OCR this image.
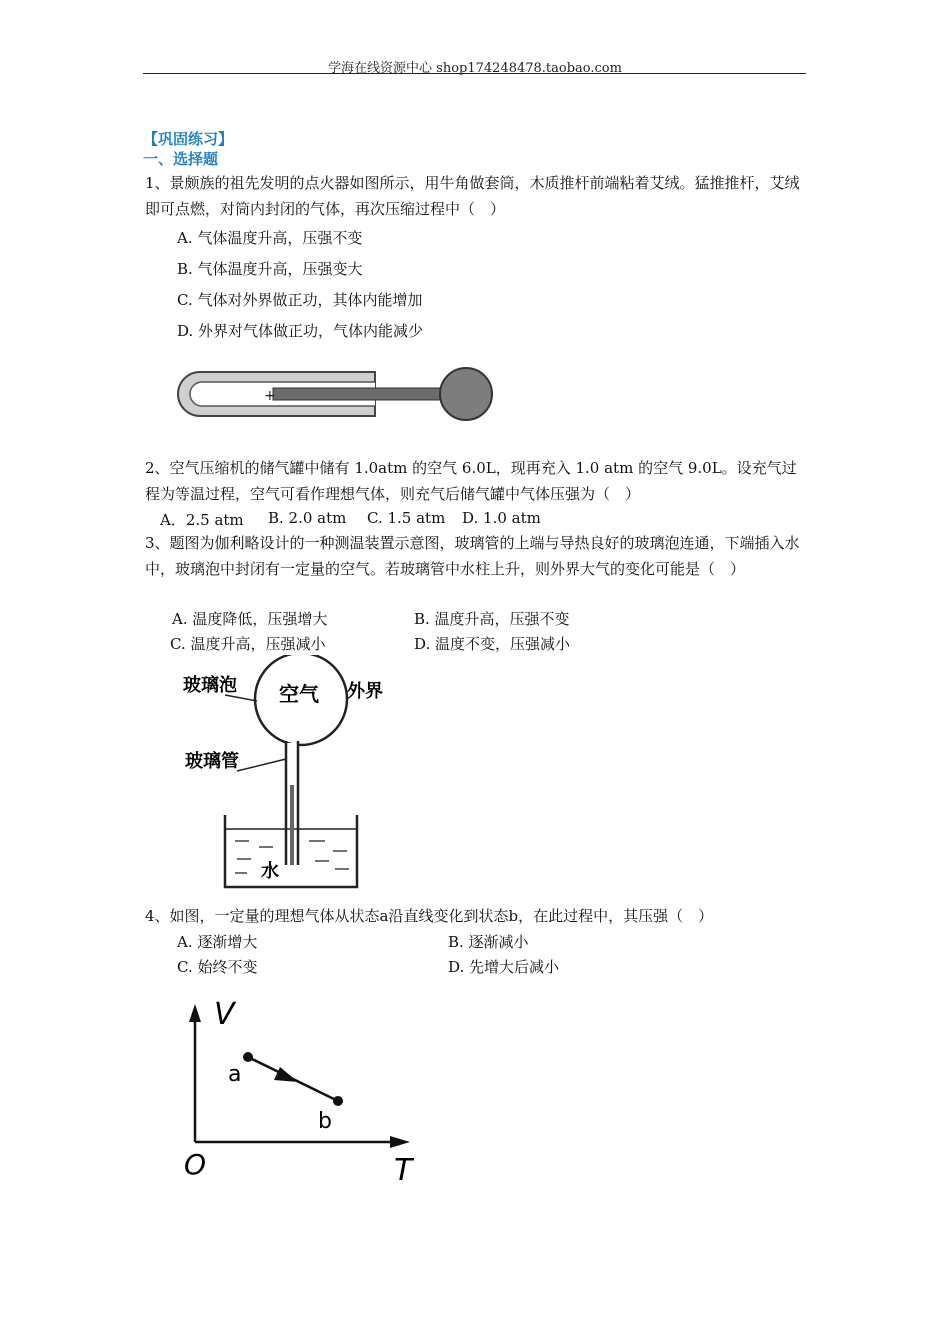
学海在线资源中心 shop174248478.taobao.com
【巩固练习】
一、选择题
1、景颇族的祖先发明的点火器如图所示，用牛角做套筒，木质推杆前端粘着艾绒。猛推推杆，艾绒即可点燃，对筒内封闭的气体，再次压缩过程中（　）
A. 气体温度升高，压强不变
B. 气体温度升高，压强变大
C. 气体对外界做正功，其体内能增加
D. 外界对气体做正功，气体内能减少
+
2、空气压缩机的储气罐中储有 1.0atm 的空气 6.0L，现再充入 1.0 atm 的空气 9.0L。设充气过程为等温过程，空气可看作理想气体，则充气后储气罐中气体压强为（　）
A．2.5 atm B. 2.0 atm C. 1.5 atm D. 1.0 atm
3、题图为伽利略设计的一种测温装置示意图，玻璃管的上端与导热良好的玻璃泡连通，下端插入水中，玻璃泡中封闭有一定量的空气。若玻璃管中水柱上升，则外界大气的变化可能是（　）
A. 温度降低，压强增大	B. 温度升高，压强不变
C. 温度升高，压强减小	D. 温度不变，压强减小
玻璃泡 空气 外界
玻璃管
水
4、如图，一定量的理想气体从状态a沿直线变化到状态b，在此过程中，其压强（　）
A. 逐渐增大	B. 逐渐减小
C. 始终不变	D. 先增大后减小
V
T
O
a
b
